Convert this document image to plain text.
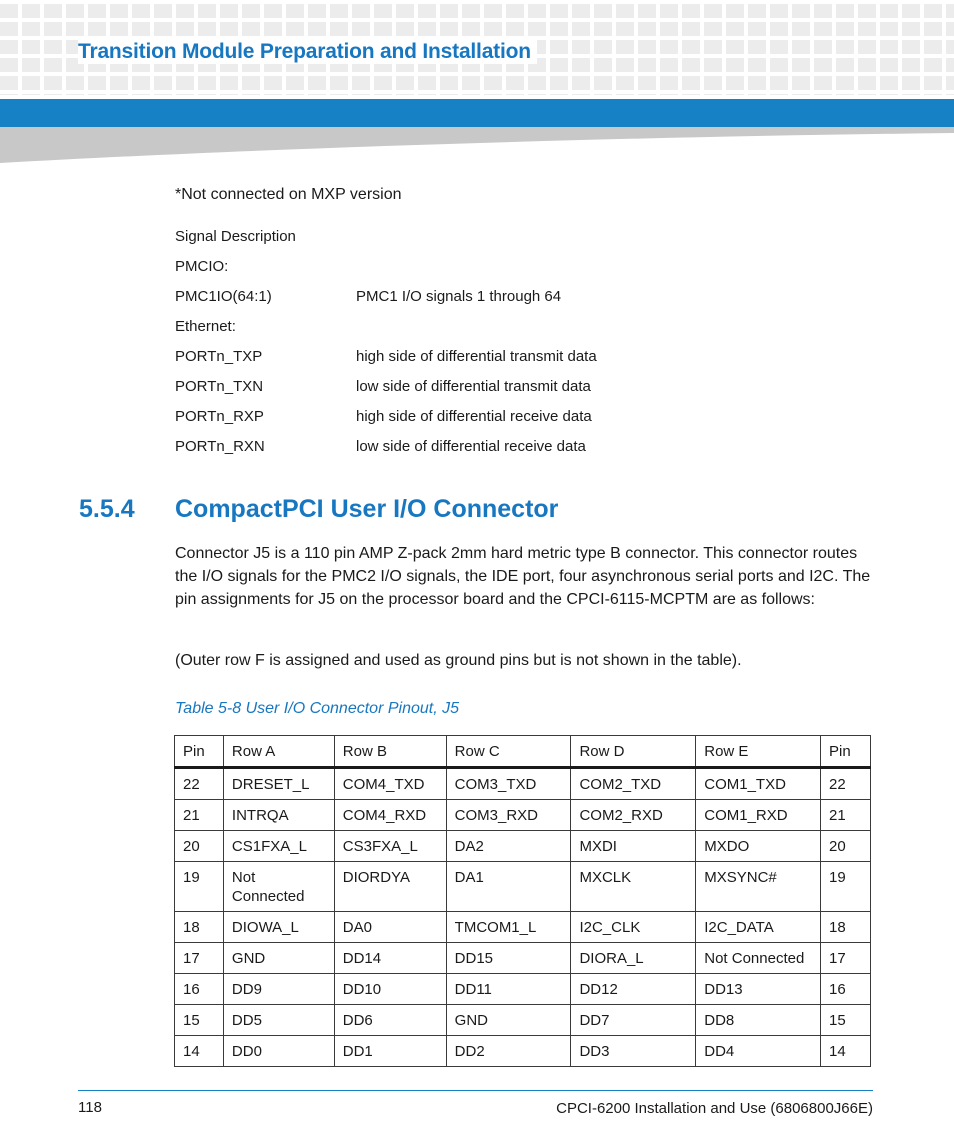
Transition Module Preparation and Installation
*Not connected on MXP version
Signal Description
PMCIO:
PMC1IO(64:1)	PMC1 I/O signals 1 through 64
Ethernet:
PORTn_TXP	high side of differential transmit data
PORTn_TXN	low side of differential transmit data
PORTn_RXP	high side of differential receive data
PORTn_RXN	low side of differential receive data
5.5.4 CompactPCI User I/O Connector

Connector J5 is a 110 pin AMP Z-pack 2mm hard metric type B connector. This connector routes the I/O signals for the PMC2 I/O signals, the IDE port, four asynchronous serial ports and I2C. The pin assignments for J5 on the processor board and the CPCI-6115-MCPTM are as follows:

(Outer row F is assigned and used as ground pins but is not shown in the table).

Table 5-8 User I/O Connector Pinout, J5
Pin	Row A	Row B	Row C	Row D	Row E	Pin
22	DRESET_L	COM4_TXD	COM3_TXD	COM2_TXD	COM1_TXD	22
21	INTRQA	COM4_RXD	COM3_RXD	COM2_RXD	COM1_RXD	21
20	CS1FXA_L	CS3FXA_L	DA2	MXDI	MXDO	20
19	Not Connected	DIORDYA	DA1	MXCLK	MXSYNC#	19
18	DIOWA_L	DA0	TMCOM1_L	I2C_CLK	I2C_DATA	18
17	GND	DD14	DD15	DIORA_L	Not Connected	17
16	DD9	DD10	DD11	DD12	DD13	16
15	DD5	DD6	GND	DD7	DD8	15
14	DD0	DD1	DD2	DD3	DD4	14
118	CPCI-6200 Installation and Use (6806800J66E)
